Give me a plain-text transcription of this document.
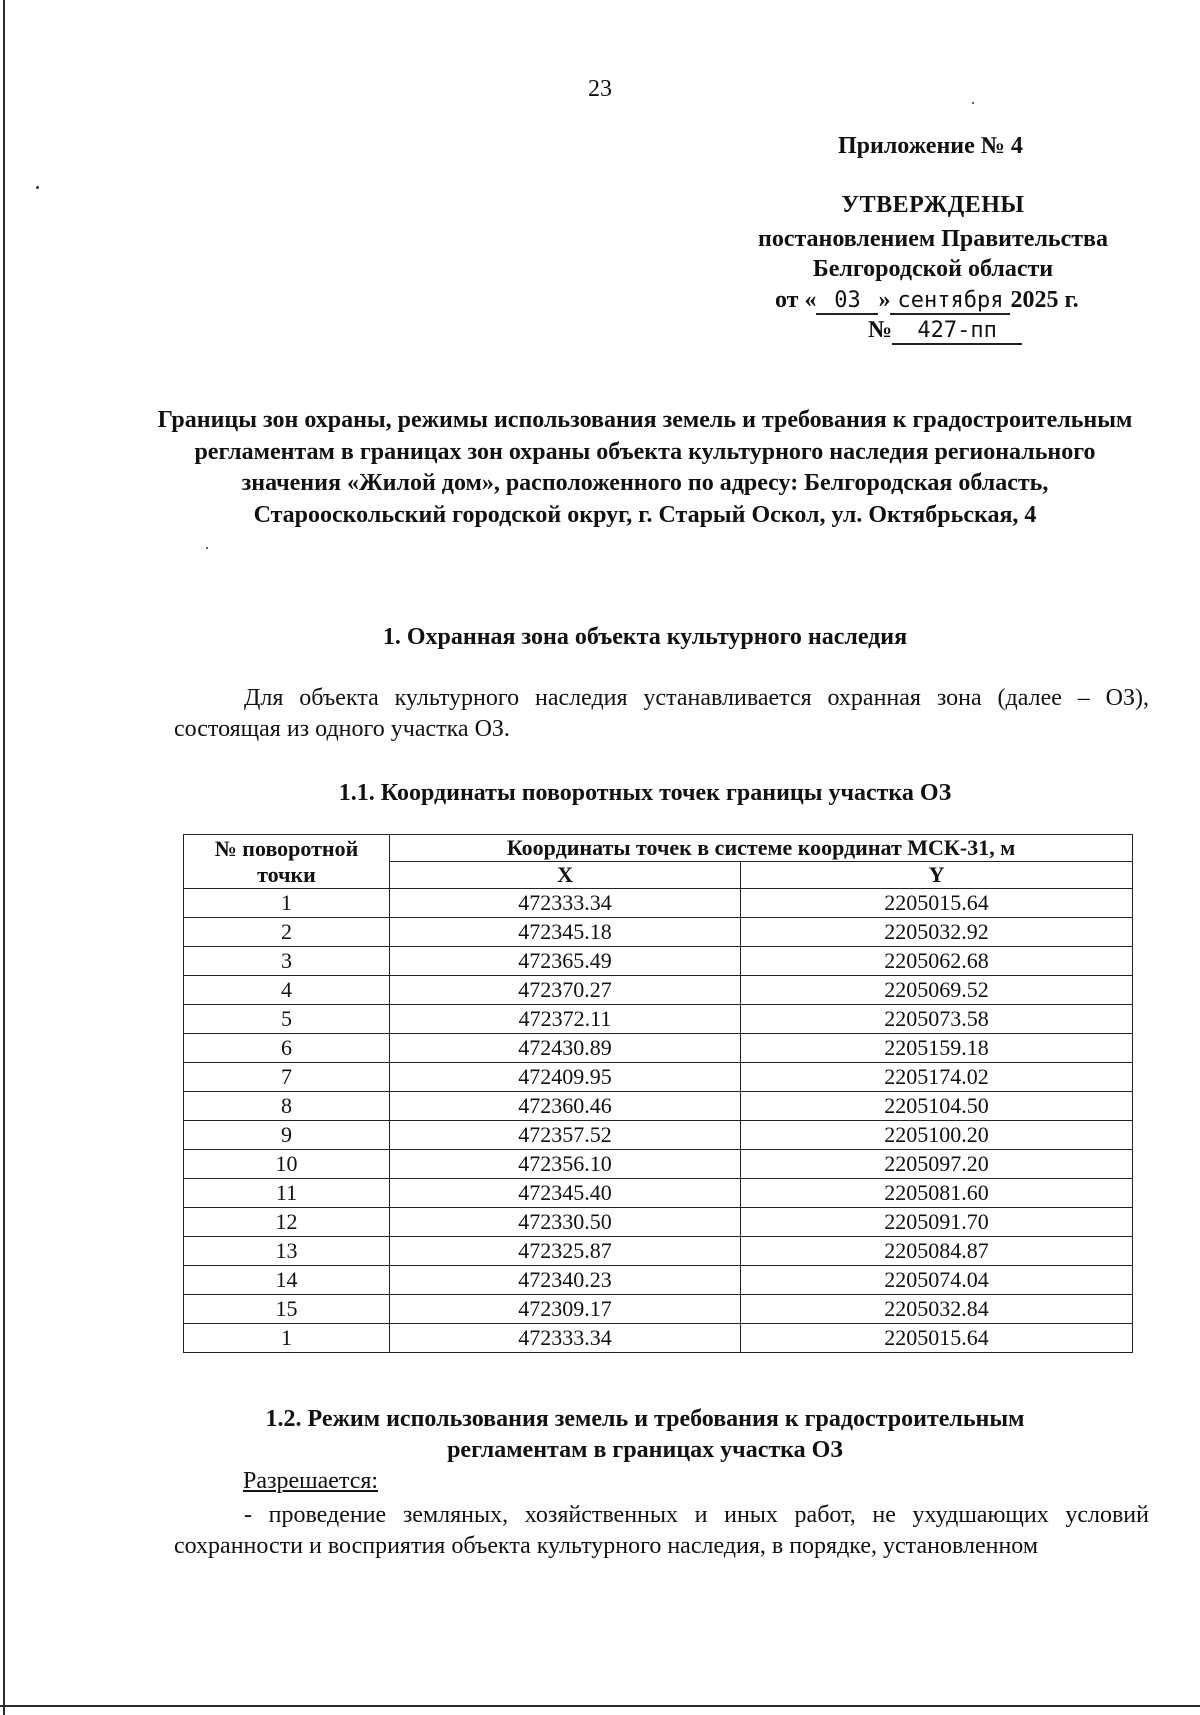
23
Приложение № 4
УТВЕРЖДЕНЫ
постановлением Правительства
Белгородской области
от « 03 » сентября 2025 г.
№ 427-пп
Границы зон охраны, режимы использования земель и требования к градостроительным регламентам в границах зон охраны объекта культурного наследия регионального значения «Жилой дом», расположенного по адресу: Белгородская область, Старооскольский городской округ, г. Старый Оскол, ул. Октябрьская, 4
1. Охранная зона объекта культурного наследия
Для объекта культурного наследия устанавливается охранная зона (далее – ОЗ), состоящая из одного участка ОЗ.
1.1. Координаты поворотных точек границы участка ОЗ
№ поворотной точки	Координаты точек в системе координат МСК-31, м	
	X	Y
1	472333.34	2205015.64
2	472345.18	2205032.92
3	472365.49	2205062.68
4	472370.27	2205069.52
5	472372.11	2205073.58
6	472430.89	2205159.18
7	472409.95	2205174.02
8	472360.46	2205104.50
9	472357.52	2205100.20
10	472356.10	2205097.20
11	472345.40	2205081.60
12	472330.50	2205091.70
13	472325.87	2205084.87
14	472340.23	2205074.04
15	472309.17	2205032.84
1	472333.34	2205015.64
1.2. Режим использования земель и требования к градостроительным
регламентам в границах участка ОЗ
Разрешается:
- проведение земляных, хозяйственных и иных работ, не ухудшающих условий сохранности и восприятия объекта культурного наследия, в порядке, установленном
